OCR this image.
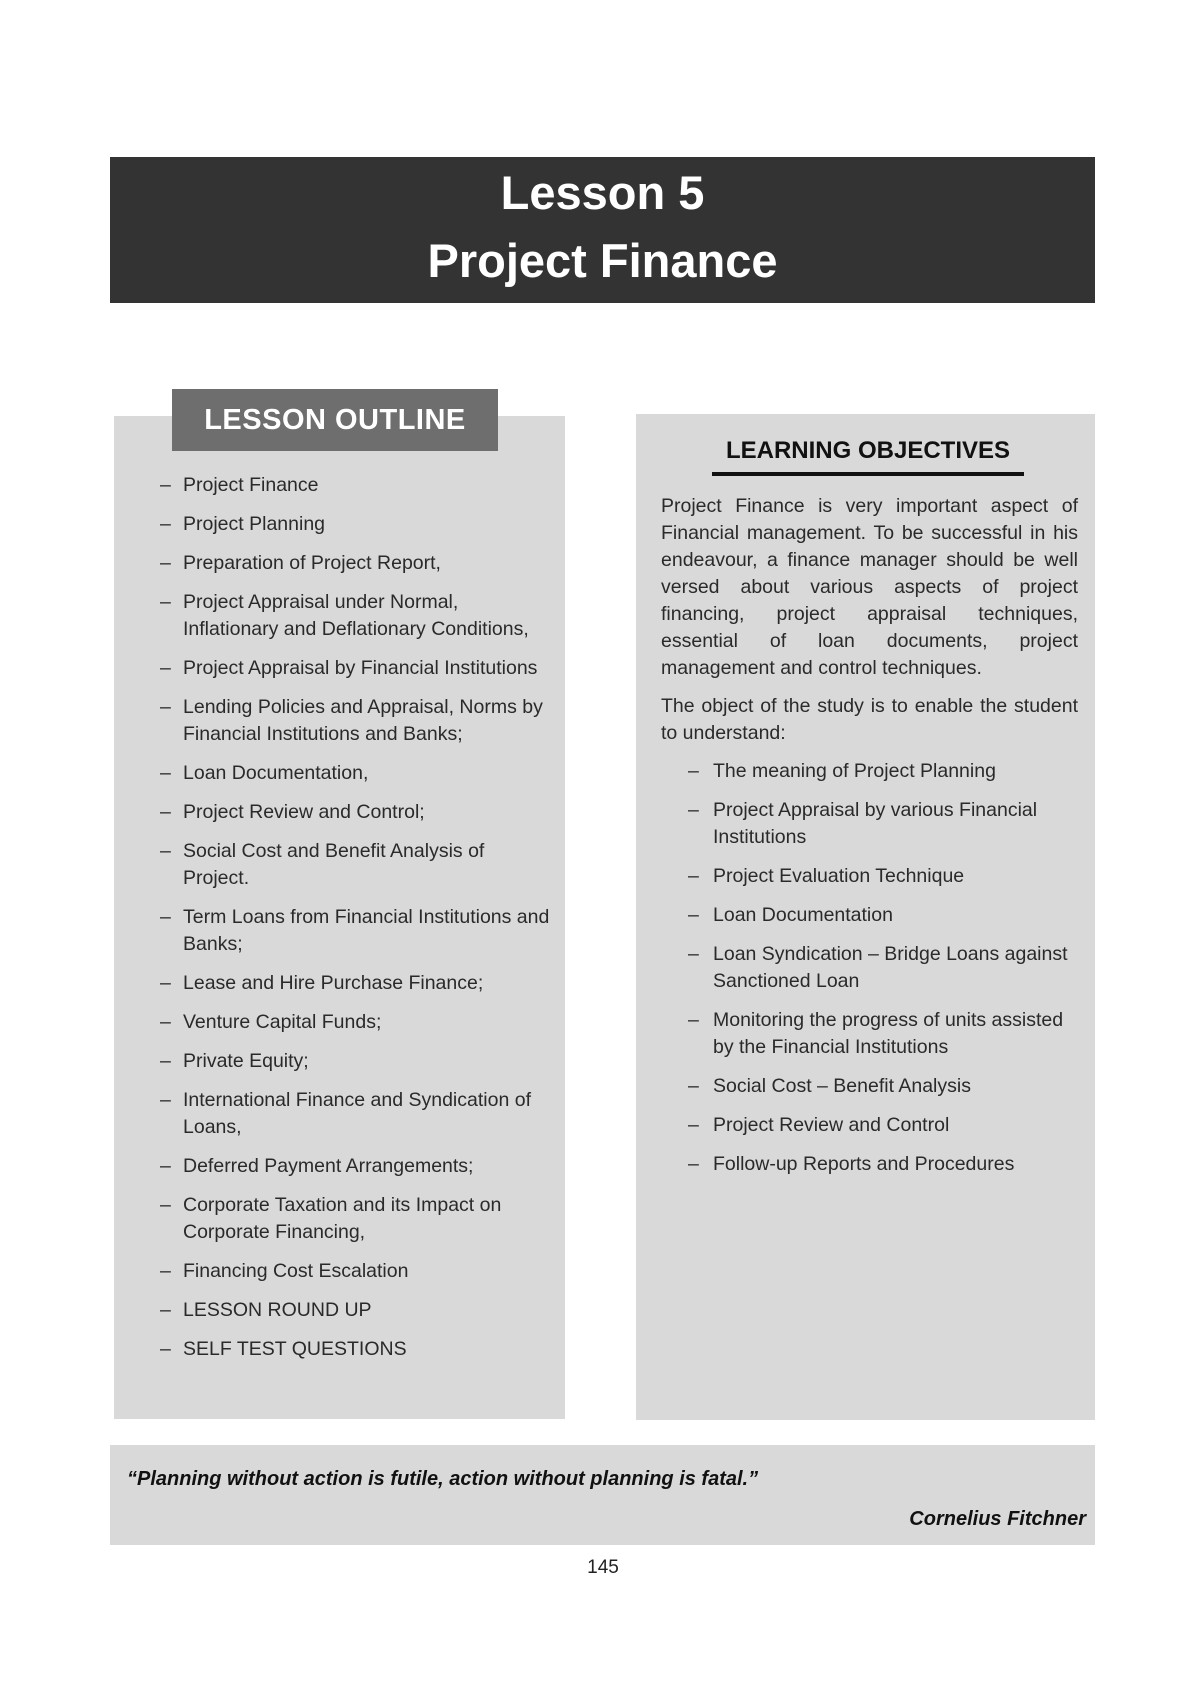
Lesson 5
Project Finance
LESSON OUTLINE
– Project Finance
– Project Planning
– Preparation of Project Report,
– Project Appraisal under Normal, Inflationary and Deflationary Conditions,
– Project Appraisal by Financial Institutions
– Lending Policies and Appraisal, Norms by Financial Institutions and Banks;
– Loan Documentation,
– Project Review and Control;
– Social Cost and Benefit Analysis of Project.
– Term Loans from Financial Institutions and Banks;
– Lease and Hire Purchase Finance;
– Venture Capital Funds;
– Private Equity;
– International Finance and Syndication of Loans,
– Deferred Payment Arrangements;
– Corporate Taxation and its Impact on Corporate Financing,
– Financing Cost Escalation
– LESSON ROUND UP
– SELF TEST QUESTIONS
LEARNING OBJECTIVES

Project Finance is very important aspect of Financial management. To be successful in his endeavour, a finance manager should be well versed about various aspects of project financing, project appraisal techniques, essential of loan documents, project management and control techniques.

The object of the study is to enable the student to understand:

– The meaning of Project Planning
– Project Appraisal by various Financial Institutions
– Project Evaluation Technique
– Loan Documentation
– Loan Syndication – Bridge Loans against Sanctioned Loan
– Monitoring the progress of units assisted by the Financial Institutions
– Social Cost – Benefit Analysis
– Project Review and Control
– Follow-up Reports and Procedures
“Planning without action is futile, action without planning is fatal.”
Cornelius Fitchner
145
